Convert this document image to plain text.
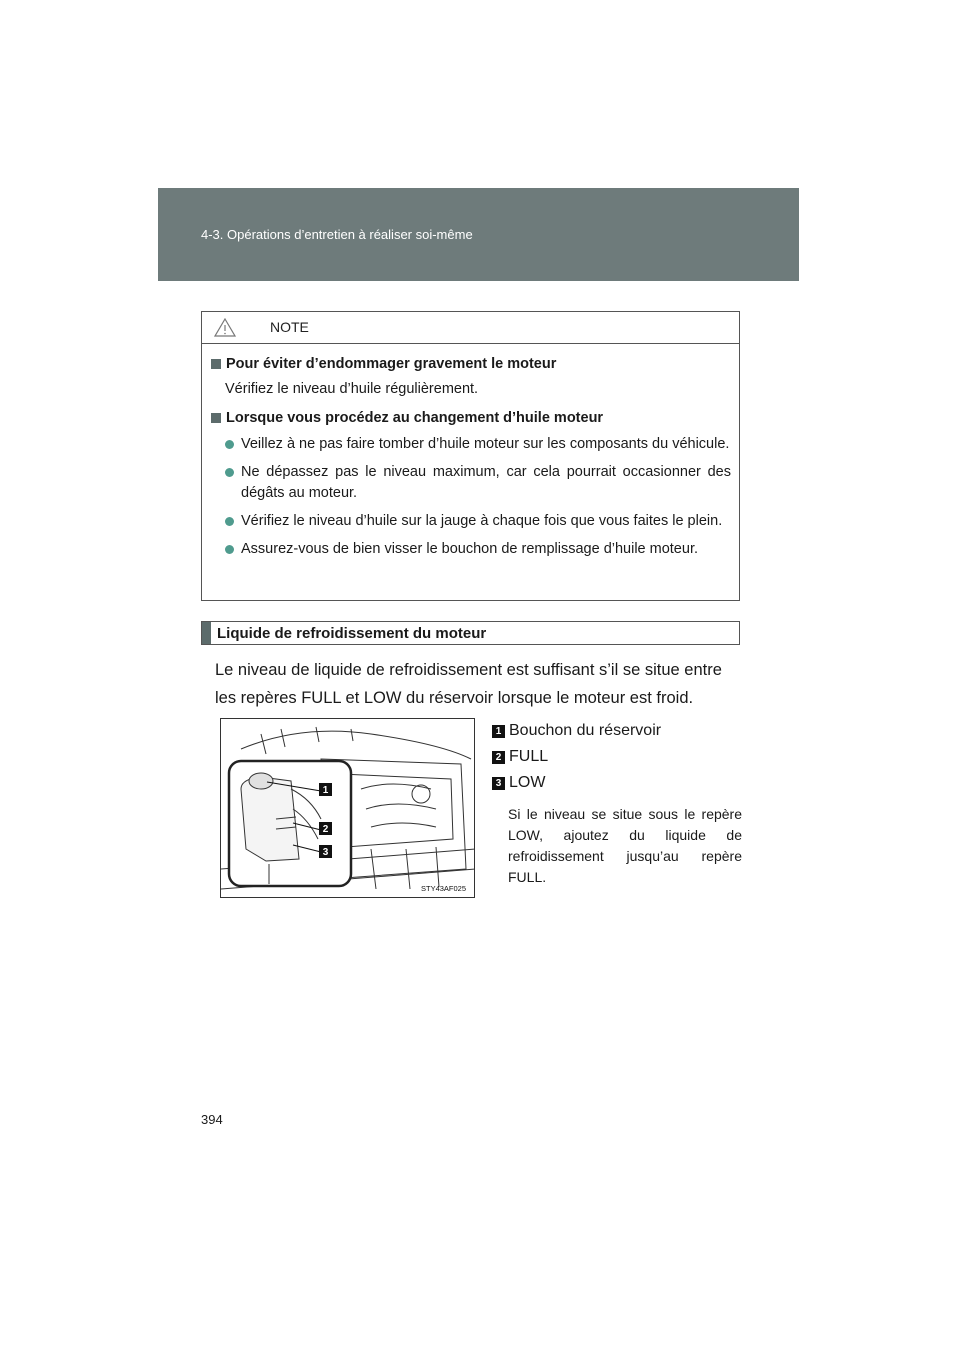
4-3. Opérations d’entretien à réaliser soi-même
NOTE
Pour éviter d’endommager gravement le moteur
Vérifiez le niveau d’huile régulièrement.
Lorsque vous procédez au changement d’huile moteur
Veillez à ne pas faire tomber d’huile moteur sur les composants du véhicule.
Ne dépassez pas le niveau maximum, car cela pourrait occasionner des dégâts au moteur.
Vérifiez le niveau d’huile sur la jauge à chaque fois que vous faites le plein.
Assurez-vous de bien visser le bouchon de remplissage d’huile moteur.
Liquide de refroidissement du moteur
Le niveau de liquide de refroidissement est suffisant s’il se situe entre les repères FULL et LOW du réservoir lorsque le moteur est froid.
1
2
3
STY43AF025
1 Bouchon du réservoir
2 FULL
3 LOW
Si le niveau se situe sous le repère LOW, ajoutez du liquide de refroidissement jusqu’au repère FULL.
394
